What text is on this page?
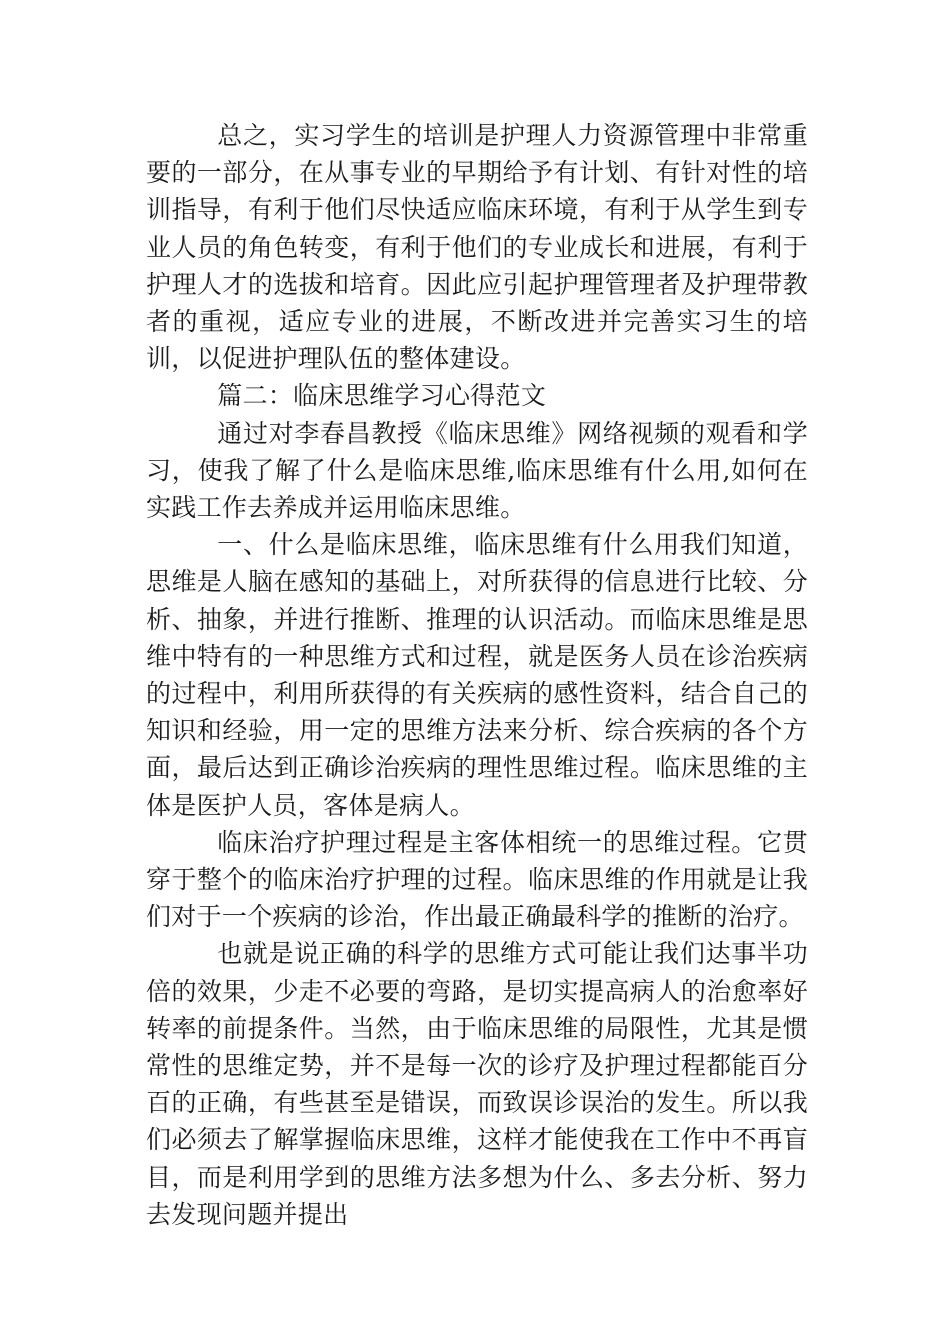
总之，实习学生的培训是护理人力资源管理中非常重要的一部分，在从事专业的早期给予有计划、有针对性的培训指导，有利于他们尽快适应临床环境，有利于从学生到专业人员的角色转变，有利于他们的专业成长和进展，有利于护理人才的选拔和培育。因此应引起护理管理者及护理带教者的重视，适应专业的进展，不断改进并完善实习生的培训，以促进护理队伍的整体建设。

篇二：临床思维学习心得范文

通过对李春昌教授《临床思维》网络视频的观看和学习，使我了解了什么是临床思维,临床思维有什么用,如何在实践工作去养成并运用临床思维。

一、什么是临床思维，临床思维有什么用我们知道，思维是人脑在感知的基础上，对所获得的信息进行比较、分析、抽象，并进行推断、推理的认识活动。而临床思维是思维中特有的一种思维方式和过程，就是医务人员在诊治疾病的过程中，利用所获得的有关疾病的感性资料，结合自己的知识和经验，用一定的思维方法来分析、综合疾病的各个方面，最后达到正确诊治疾病的理性思维过程。临床思维的主体是医护人员，客体是病人。

临床治疗护理过程是主客体相统一的思维过程。它贯穿于整个的临床治疗护理的过程。临床思维的作用就是让我们对于一个疾病的诊治，作出最正确最科学的推断的治疗。

也就是说正确的科学的思维方式可能让我们达事半功倍的效果，少走不必要的弯路，是切实提高病人的治愈率好转率的前提条件。当然，由于临床思维的局限性，尤其是惯常性的思维定势，并不是每一次的诊疗及护理过程都能百分百的正确，有些甚至是错误，而致误诊误治的发生。所以我们必须去了解掌握临床思维，这样才能使我在工作中不再盲目，而是利用学到的思维方法多想为什么、多去分析、努力去发现问题并提出
